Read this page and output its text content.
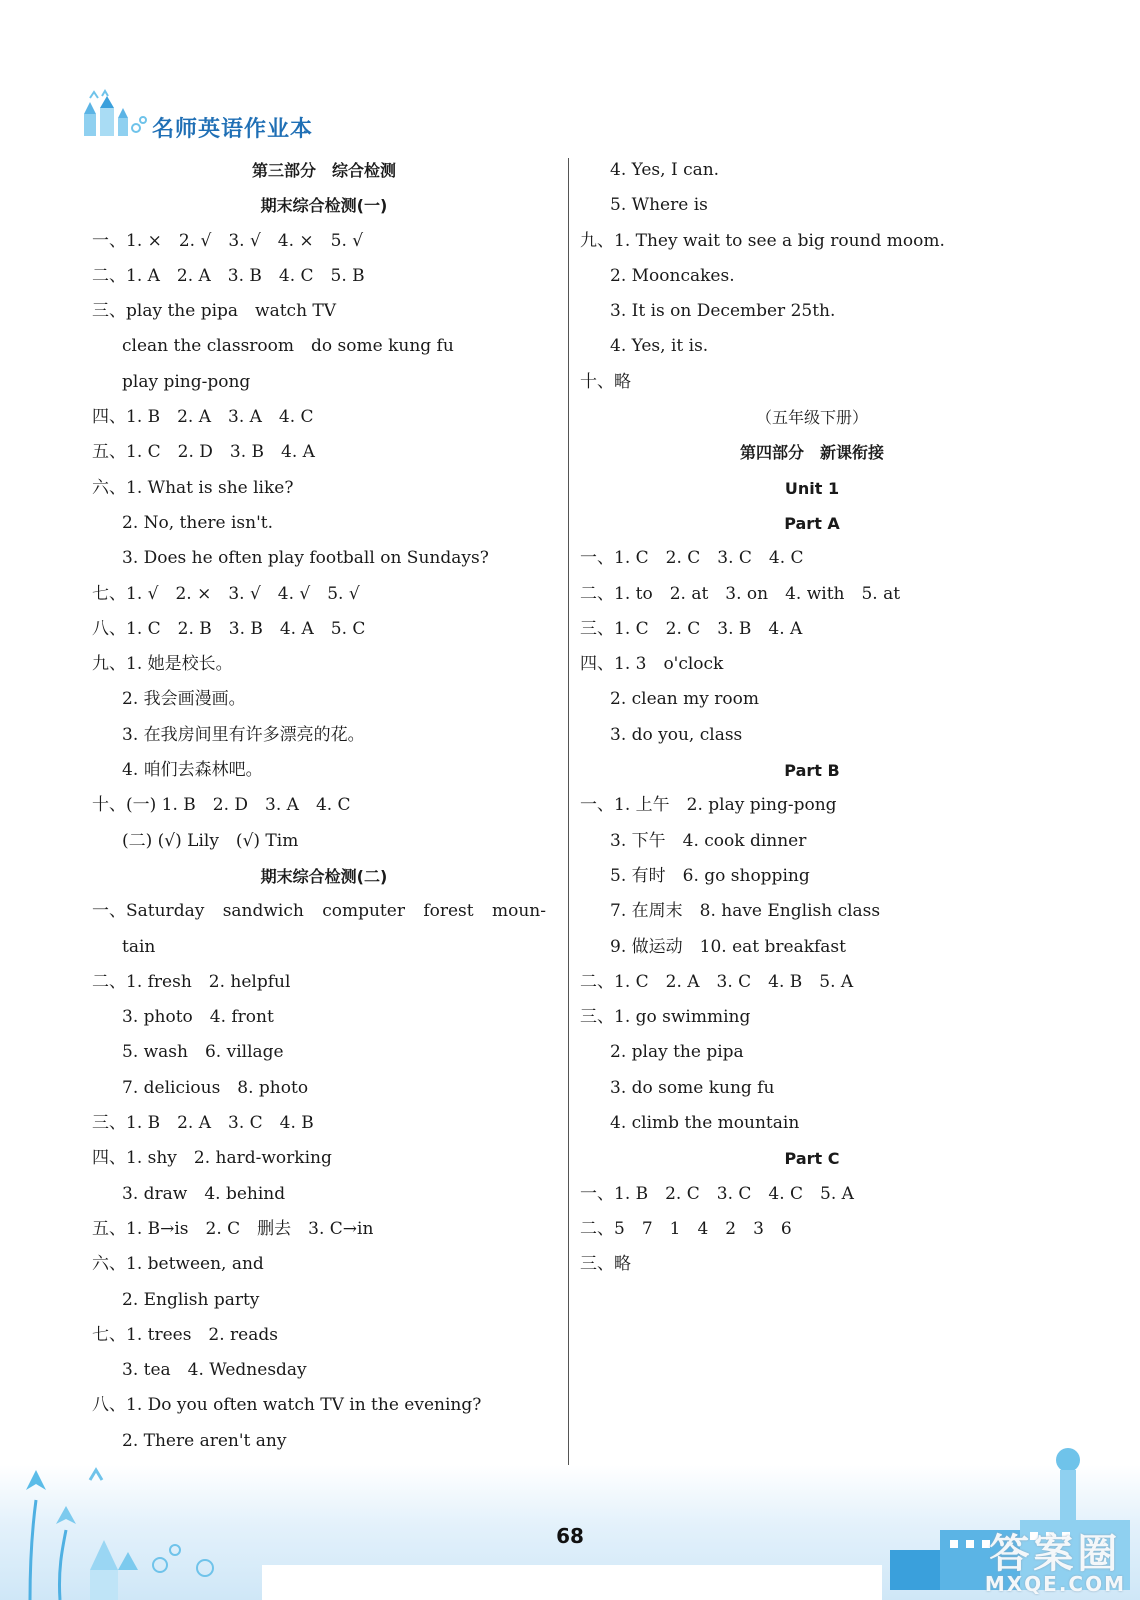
名师英语作业本
第三部分　综合检测
期末综合检测(一)
一、1. ×　2. √　3. √　4. ×　5. √
二、1. A　2. A　3. B　4. C　5. B
三、play the pipa　watch TV
clean the classroom　do some kung fu
play ping-pong
四、1. B　2. A　3. A　4. C
五、1. C　2. D　3. B　4. A
六、1. What is she like?
2. No, there isn't.
3. Does he often play football on Sundays?
七、1. √　2. ×　3. √　4. √　5. √
八、1. C　2. B　3. B　4. A　5. C
九、1. 她是校长。
2. 我会画漫画。
3. 在我房间里有许多漂亮的花。
4. 咱们去森林吧。
十、(一) 1. B　2. D　3. A　4. C
(二) (√) Lily　(√) Tim
期末综合检测(二)
一、Saturday sandwich computer forest moun-
tain
二、1. fresh　2. helpful
3. photo　4. front
5. wash　6. village
7. delicious　8. photo
三、1. B　2. A　3. C　4. B
四、1. shy　2. hard-working
3. draw　4. behind
五、1. B→is　2. C　删去　3. C→in
六、1. between, and
2. English party
七、1. trees　2. reads
3. tea　4. Wednesday
八、1. Do you often watch TV in the evening?
2. There aren't any
4. Yes, I can.
5. Where is
九、1. They wait to see a big round moom.
2. Mooncakes.
3. It is on December 25th.
4. Yes, it is.
十、略
（五年级下册）
第四部分　新课衔接
Unit 1
Part A
一、1. C　2. C　3. C　4. C
二、1. to　2. at　3. on　4. with　5. at
三、1. C　2. C　3. B　4. A
四、1. 3　o'clock
2. clean my room
3. do you, class
Part B
一、1. 上午　2. play ping-pong
3. 下午　4. cook dinner
5. 有时　6. go shopping
7. 在周末　8. have English class
9. 做运动　10. eat breakfast
二、1. C　2. A　3. C　4. B　5. A
三、1. go swimming
2. play the pipa
3. do some kung fu
4. climb the mountain
Part C
一、1. B　2. C　3. C　4. C　5. A
二、5　7　1　4　2　3　6
三、略
68	答案圈
MXQE.COM
